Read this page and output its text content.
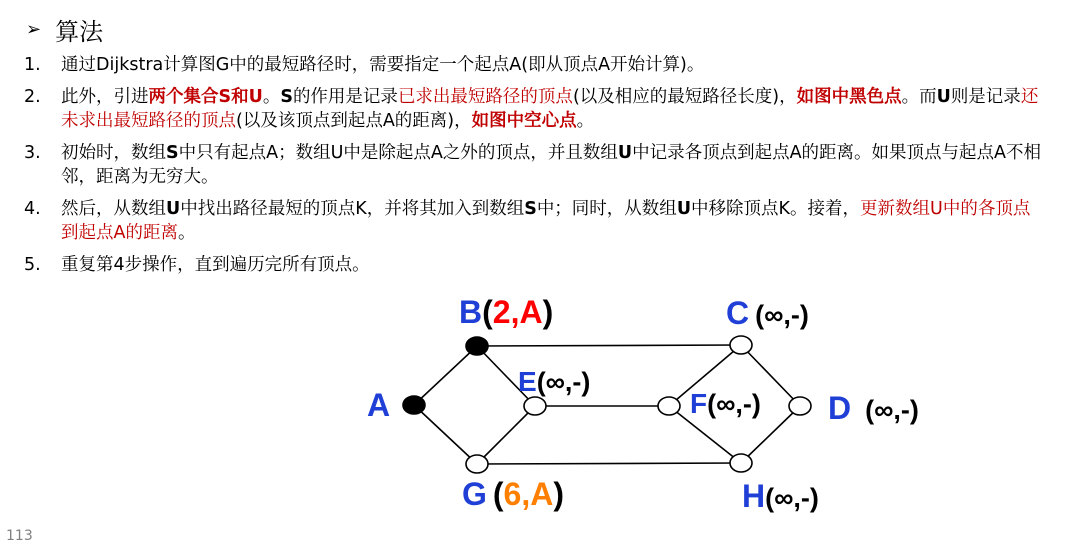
➢ 算法
1.	通过Dijkstra计算图G中的最短路径时，需要指定一个起点A(即从顶点A开始计算)。
2.	此外，引进两个集合S和U。S的作用是记录已求出最短路径的顶点(以及相应的最短路径长度)，如图中黑色点。而U则是记录还未求出最短路径的顶点(以及该顶点到起点A的距离)，如图中空心点。
3.	初始时，数组S中只有起点A；数组U中是除起点A之外的顶点，并且数组U中记录各顶点到起点A的距离。如果顶点与起点A不相邻，距离为无穷大。
4.	然后，从数组U中找出路径最短的顶点K，并将其加入到数组S中；同时，从数组U中移除顶点K。接着，更新数组U中的各顶点到起点A的距离。
5.	重复第4步操作，直到遍历完所有顶点。
A
B(2,A)	C (∞,-)
E(∞,-)
F(∞,-) D (∞,-)
G (6,A)	H(∞,-)
113
